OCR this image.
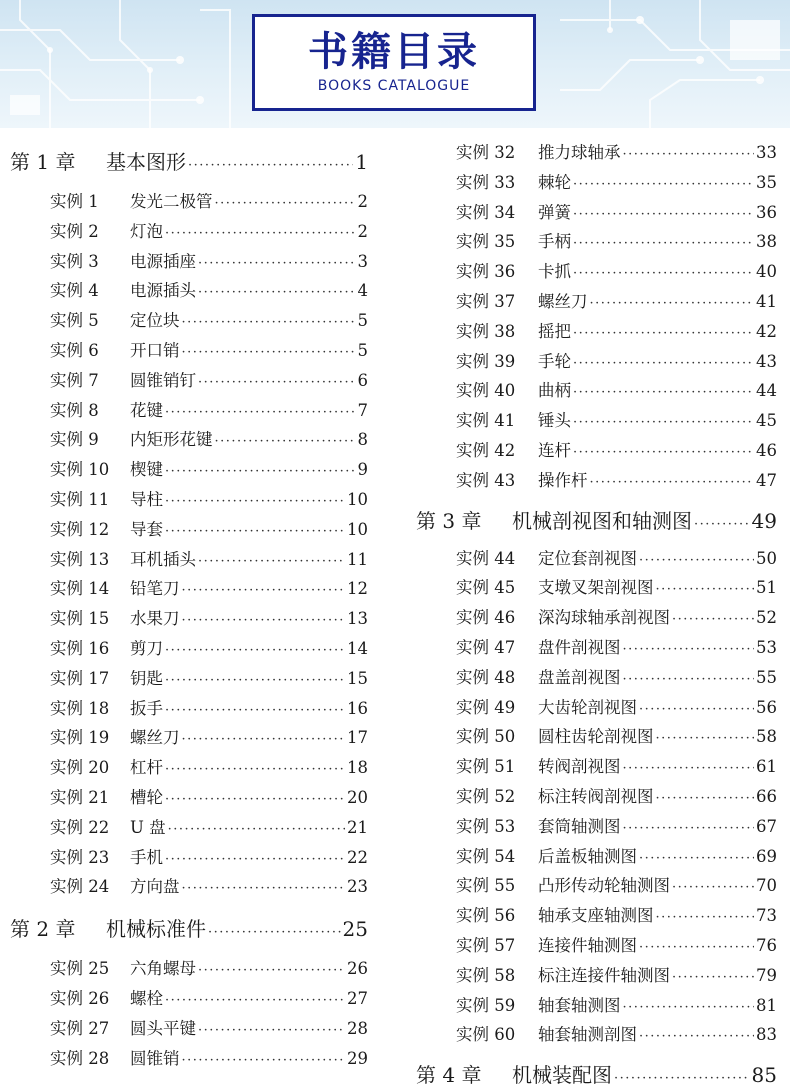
书籍目录
BOOKS CATALOGUE
第 1 章	基本图形 ·····	1
实例 1	发光二极管 ·····	2
实例 2	灯泡 ·····	2
实例 3	电源插座 ·····	3
实例 4	电源插头 ·····	4
实例 5	定位块 ·····	5
实例 6	开口销 ·····	5
实例 7	圆锥销钉 ·····	6
实例 8	花键 ·····	7
实例 9	内矩形花键 ·····	8
实例 10	楔键 ·····	9
实例 11	导柱 ·····	10
实例 12	导套 ·····	10
实例 13	耳机插头 ·····	11
实例 14	铅笔刀 ·····	12
实例 15	水果刀 ·····	13
实例 16	剪刀 ·····	14
实例 17	钥匙 ·····	15
实例 18	扳手 ·····	16
实例 19	螺丝刀 ·····	17
实例 20	杠杆 ·····	18
实例 21	槽轮 ·····	20
实例 22	U 盘 ·····	21
实例 23	手机 ·····	22
实例 24	方向盘 ·····	23
第 2 章	机械标准件 ·····	25
实例 25	六角螺母 ·····	26
实例 26	螺栓 ·····	27
实例 27	圆头平键 ·····	28
实例 28	圆锥销 ·····	29
实例 32	推力球轴承 ·····	33
实例 33	棘轮 ·····	35
实例 34	弹簧 ·····	36
实例 35	手柄 ·····	38
实例 36	卡抓 ·····	40
实例 37	螺丝刀 ·····	41
实例 38	摇把 ·····	42
实例 39	手轮 ·····	43
实例 40	曲柄 ·····	44
实例 41	锤头 ·····	45
实例 42	连杆 ·····	46
实例 43	操作杆 ·····	47
第 3 章	机械剖视图和轴测图 ·····	49
实例 44	定位套剖视图 ·····	50
实例 45	支墩叉架剖视图 ·····	51
实例 46	深沟球轴承剖视图 ·····	52
实例 47	盘件剖视图 ·····	53
实例 48	盘盖剖视图 ·····	55
实例 49	大齿轮剖视图 ·····	56
实例 50	圆柱齿轮剖视图 ·····	58
实例 51	转阀剖视图 ·····	61
实例 52	标注转阀剖视图 ·····	66
实例 53	套筒轴测图 ·····	67
实例 54	后盖板轴测图 ·····	69
实例 55	凸形传动轮轴测图 ·····	70
实例 56	轴承支座轴测图 ·····	73
实例 57	连接件轴测图 ·····	76
实例 58	标注连接件轴测图 ·····	79
实例 59	轴套轴测图 ·····	81
实例 60	轴套轴测剖图 ·····	83
第 4 章	机械装配图 ·····	85
